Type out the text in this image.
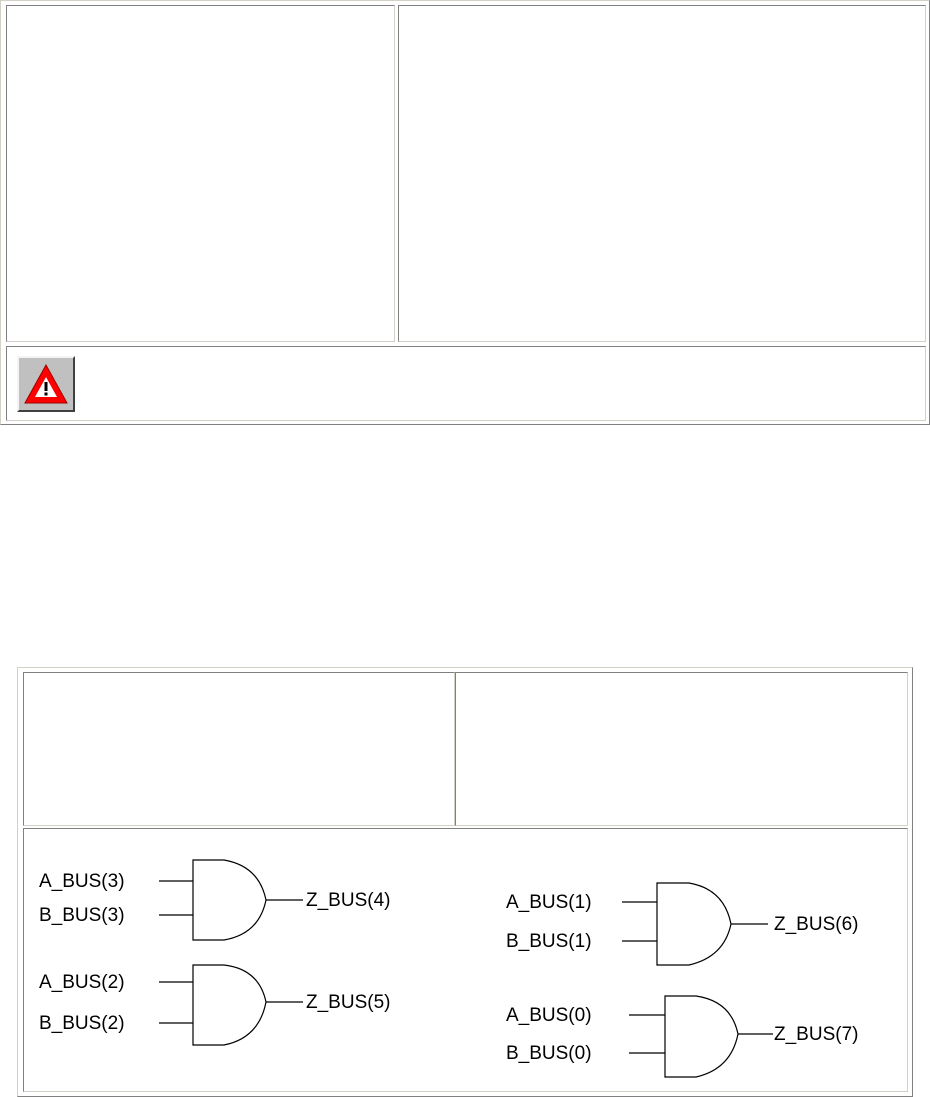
A_BUS(3)
B_BUS(3)
Z_BUS(4)
A_BUS(2)
B_BUS(2)
Z_BUS(5)
A_BUS(1)
B_BUS(1)
Z_BUS(6)
A_BUS(0)
B_BUS(0)
Z_BUS(7)
